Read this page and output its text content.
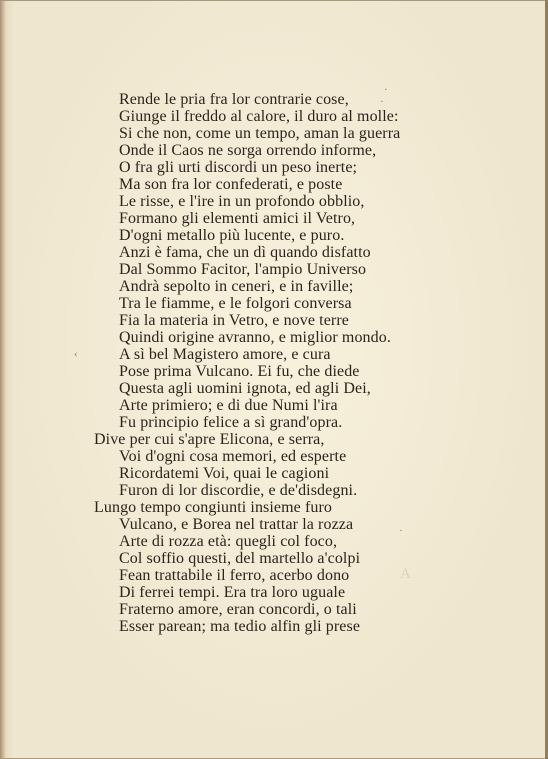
·
·
‹
·
A
Rende le pria fra lor contrarie cose,
Giunge il freddo al calore, il duro al molle:
Si che non, come un tempo, aman la guerra
Onde il Caos ne sorga orrendo informe,
O fra gli urti discordi un peso inerte;
Ma son fra lor confederati, e poste
Le risse, e l'ire in un profondo obblio,
Formano gli elementi amici il Vetro,
D'ogni metallo più lucente, e puro.
Anzi è fama, che un dì quando disfatto
Dal Sommo Facitor, l'ampio Universo
Andrà sepolto in ceneri, e in faville;
Tra le fiamme, e le folgori conversa
Fia la materia in Vetro, e nove terre
Quindi origine avranno, e miglior mondo.
A sì bel Magistero amore, e cura
Pose prima Vulcano. Ei fu, che diede
Questa agli uomini ignota, ed agli Dei,
Arte primiero; e di due Numi l'ira
Fu principio felice a sì grand'opra.
Dive per cui s'apre Elicona, e serra,
Voi d'ogni cosa memori, ed esperte
Ricordatemi Voi, quai le cagioni
Furon di lor discordie, e de'disdegni.
Lungo tempo congiunti insieme furo
Vulcano, e Borea nel trattar la rozza
Arte di rozza età: quegli col foco,
Col soffio questi, del martello a'colpi
Fean trattabile il ferro, acerbo dono
Di ferrei tempi. Era tra loro uguale
Fraterno amore, eran concordi, o tali
Esser parean; ma tedio alfin gli prese
